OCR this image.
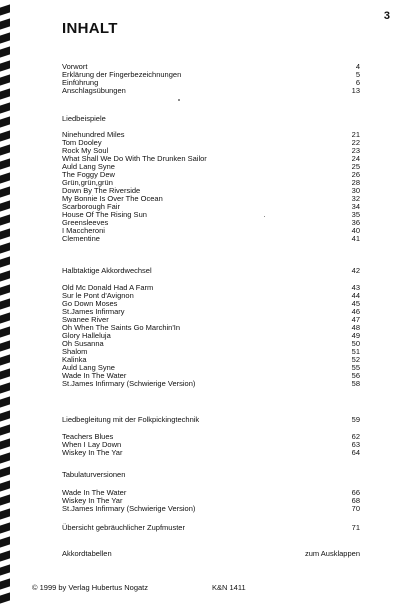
3
INHALT
Vorwort	4
Erklärung der Fingerbezeichnungen	5
Einführung	6
Anschlagsübungen	13
Liedbeispiele
Ninehundred Miles	21
Tom Dooley	22
Rock My Soul	23
What Shall We Do With The Drunken Sailor	24
Auld Lang Syne	25
The Foggy Dew	26
Grün,grün,grün	28
Down By The Riverside	30
My Bonnie Is Over The Ocean	32
Scarborough Fair	34
House Of The Rising Sun	35
Greensleeves	36
I Maccheroni	40
Clementine	41
Halbtaktige Akkordwechsel	42
Old Mc Donald Had A Farm	43
Sur le Pont d'Avignon	44
Go Down Moses	45
St.James Infirmary	46
Swanee River	47
Oh When The Saints Go Marchin'In	48
Glory Halleluja	49
Oh Susanna	50
Shalom	51
Kalinka	52
Auld Lang Syne	55
Wade In The Water	56
St.James Infirmary (Schwierige Version)	58
Liedbegleitung mit der Folkpickingtechnik	59
Teachers Blues	62
When I Lay Down	63
Wiskey In The Yar	64
Tabulaturversionen
Wade In The Water	66
Wiskey In The Yar	68
St.James Infirmary (Schwierige Version)	70
Übersicht gebräuchlicher Zupfmuster	71
Akkordtabellen	zum Ausklappen
© 1999 by Verlag Hubertus Nogatz	K&N 1411
